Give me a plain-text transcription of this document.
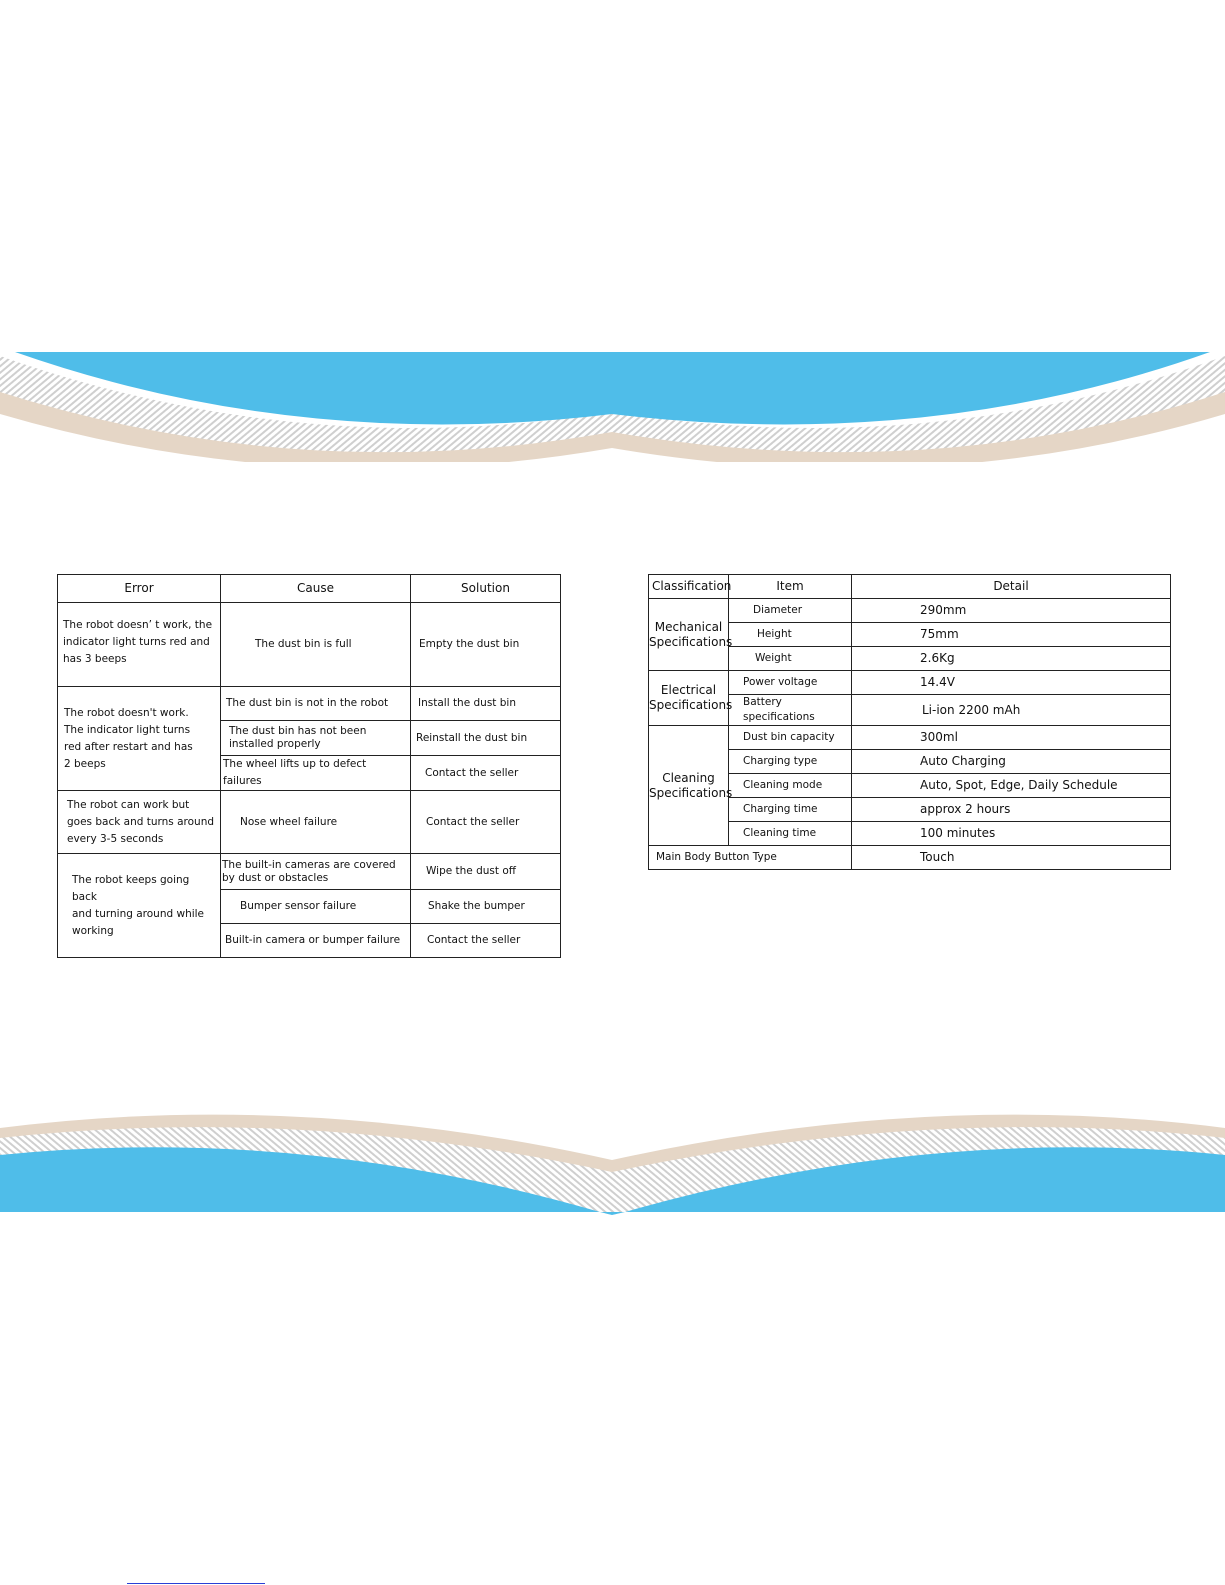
Error	Cause	Solution
The robot doesn’ t work, the
indicator light turns red and
has 3 beeps	The dust bin is full	Empty the dust bin
The robot doesn't work.
The indicator light turns
red after restart and has
2 beeps	The dust bin is not in the robot	Install the dust bin
	The dust bin has not been
installed properly	Reinstall the dust bin
	The wheel lifts up to defect failures	Contact the seller
The robot can work but
goes back and turns around
every 3-5 seconds	Nose wheel failure	Contact the seller
The robot keeps going back
and turning around while
working	The built-in cameras are covered
by dust or obstacles	Wipe the dust off
	Bumper sensor failure	Shake the bumper
	Built-in camera or bumper failure	Contact the seller
Classification	Item	Detail
Mechanical
Specifications	Diameter	290mm
	Height	75mm
	Weight	2.6Kg
Electrical
Specifications	Power voltage	14.4V
	Battery specifications	Li-ion 2200 mAh
Cleaning
Specifications	Dust bin capacity	300ml
	Charging type	Auto Charging
	Cleaning mode	Auto, Spot, Edge, Daily Schedule
	Charging time	approx 2 hours
	Cleaning time	100 minutes
Main Body Button Type		Touch
